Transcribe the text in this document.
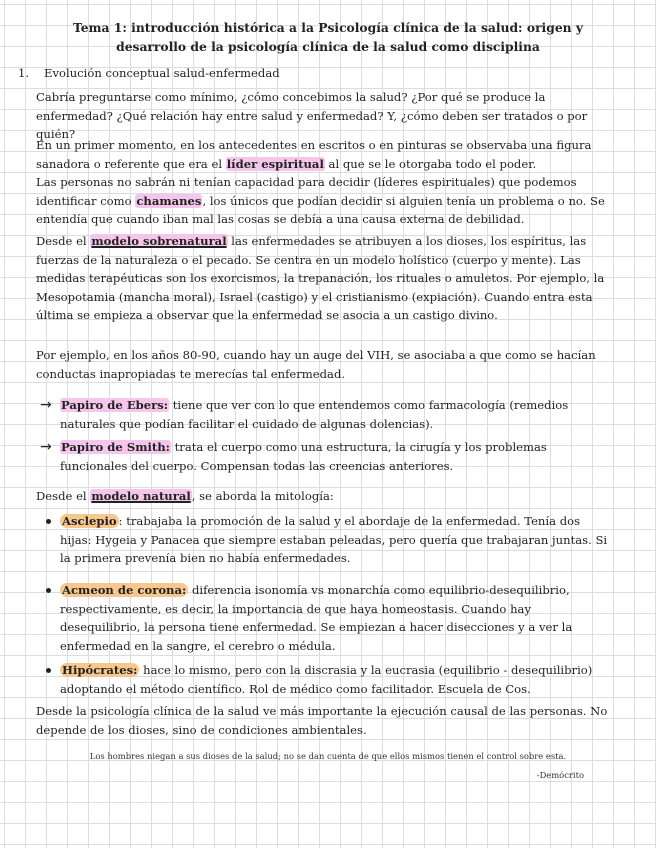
Tema 1: introducción histórica a la Psicología clínica de la salud: origen y desarrollo de la psicología clínica de la salud como disciplina
1. Evolución conceptual salud-enfermedad
Cabría preguntarse como mínimo, ¿cómo concebimos la salud? ¿Por qué se produce la enfermedad? ¿Qué relación hay entre salud y enfermedad? Y, ¿cómo deben ser tratados o por quién?
En un primer momento, en los antecedentes en escritos o en pinturas se observaba una figura sanadora o referente que era el líder espiritual al que se le otorgaba todo el poder.
Las personas no sabrán ni tenían capacidad para decidir (líderes espirituales) que podemos identificar como chamanes, los únicos que podían decidir si alguien tenía un problema o no. Se entendía que cuando iban mal las cosas se debía a una causa externa de debilidad.
Desde el modelo sobrenatural las enfermedades se atribuyen a los dioses, los espíritus, las fuerzas de la naturaleza o el pecado. Se centra en un modelo holístico (cuerpo y mente). Las medidas terapéuticas son los exorcismos, la trepanación, los rituales o amuletos. Por ejemplo, la Mesopotamia (mancha moral), Israel (castigo) y el cristianismo (expiación). Cuando entra esta última se empieza a observar que la enfermedad se asocia a un castigo divino.
Por ejemplo, en los años 80-90, cuando hay un auge del VIH, se asociaba a que como se hacían conductas inapropiadas te merecías tal enfermedad.
→ Papiro de Ebers: tiene que ver con lo que entendemos como farmacología (remedios naturales que podían facilitar el cuidado de algunas dolencias).
→ Papiro de Smith: trata el cuerpo como una estructura, la cirugía y los problemas funcionales del cuerpo. Compensan todas las creencias anteriores.
Desde el modelo natural, se aborda la mitología:
Asclepio : trabajaba la promoción de la salud y el abordaje de la enfermedad. Tenía dos hijas: Hygeia y Panacea que siempre estaban peleadas, pero quería que trabajaran juntas. Si la primera prevenía bien no había enfermedades.
Acmeon de corona: diferencia isonomía vs monarchía como equilibrio-desequilibrio, respectivamente, es decir, la importancia de que haya homeostasis. Cuando hay desequilibrio, la persona tiene enfermedad. Se empiezan a hacer disecciones y a ver la enfermedad en la sangre, el cerebro o médula.
Hipócrates: hace lo mismo, pero con la discrasia y la eucrasia (equilibrio - desequilibrio) adoptando el método científico. Rol de médico como facilitador. Escuela de Cos.
Desde la psicología clínica de la salud ve más importante la ejecución causal de las personas. No depende de los dioses, sino de condiciones ambientales.
Los hombres niegan a sus dioses de la salud; no se dan cuenta de que ellos mismos tienen el control sobre esta.
-Demócrito
